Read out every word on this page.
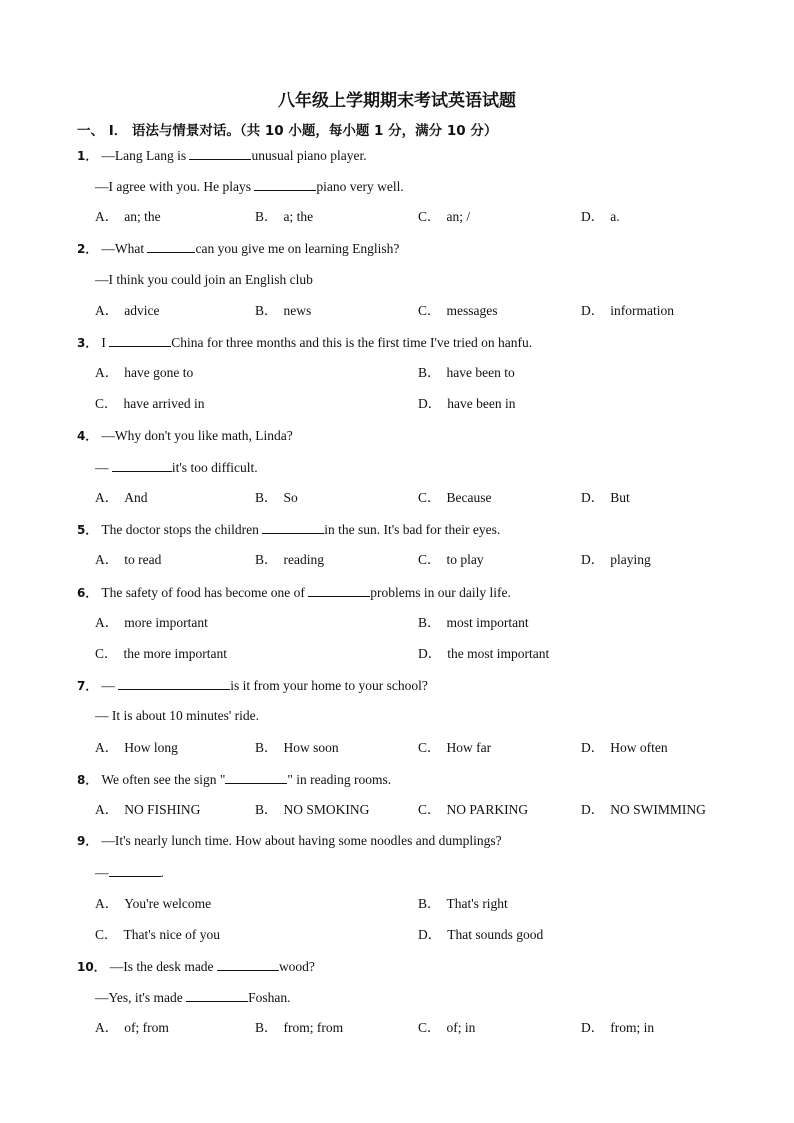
八年级上学期期末考试英语试题
一、 Ⅰ． 语法与情景对话。（共 10 小题，每小题 1 分，满分 10 分）
1． —Lang Lang is	unusual piano player.
—I agree with you. He plays	piano very well.
A． an; the	B． a; the	C． an; /	D． a.
2． —What	can you give me on learning English?
—I think you could join an English club
A． advice	B． news	C． messages	D． information
3． I	China for three months and this is the first time I've tried on hanfu.
A． have gone to	B． have been to
C． have arrived in	D． have been in
4． —Why don't you like math, Linda?
—	it's too difficult.
A． And	B． So	C． Because	D． But
5． The doctor stops the children	in the sun. It's bad for their eyes.
A． to read	B． reading	C． to play	D． playing
6． The safety of food has become one of	problems in our daily life.
A． more important	B． most important
C． the more important	D． the most important
7． —	is it from your home to your school?
— It is about 10 minutes' ride.
A． How long	B． How soon	C． How far	D． How often
8． We often see the sign "	" in reading rooms.
A． NO FISHING	B． NO SMOKING	C． NO PARKING	D． NO SWIMMING
9． —It's nearly lunch time. How about having some noodles and dumplings?
—	.
A． You're welcome	B． That's right
C． That's nice of you	D． That sounds good
10． —Is the desk made	wood?
—Yes, it's made	Foshan.
A． of; from	B． from; from	C． of; in	D． from; in
